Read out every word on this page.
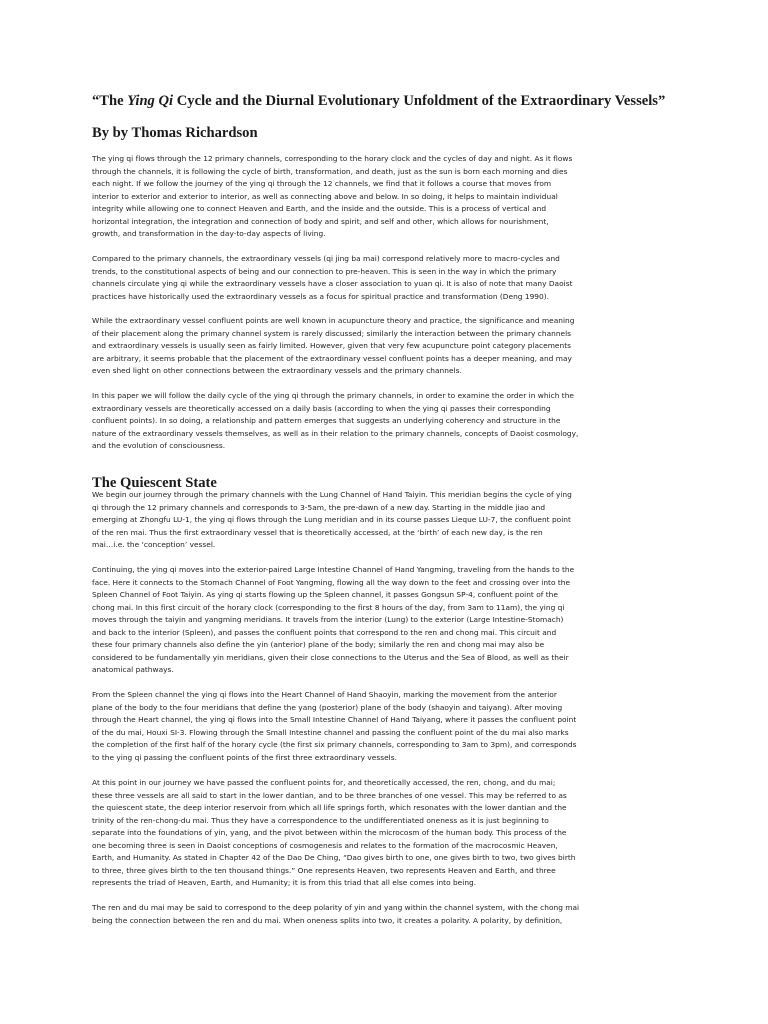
“The Ying Qi Cycle and the Diurnal Evolutionary Unfoldment of the Extraordinary Vessels”
By by Thomas Richardson
The ying qi flows through the 12 primary channels, corresponding to the horary clock and the cycles of day and night. As it flows
through the channels, it is following the cycle of birth, transformation, and death, just as the sun is born each morning and dies
each night. If we follow the journey of the ying qi through the 12 channels, we find that it follows a course that moves from
interior to exterior and exterior to interior, as well as connecting above and below. In so doing, it helps to maintain individual
integrity while allowing one to connect Heaven and Earth, and the inside and the outside. This is a process of vertical and
horizontal integration, the integration and connection of body and spirit, and self and other, which allows for nourishment,
growth, and transformation in the day-to-day aspects of living.
Compared to the primary channels, the extraordinary vessels (qi jing ba mai) correspond relatively more to macro-cycles and
trends, to the constitutional aspects of being and our connection to pre-heaven. This is seen in the way in which the primary
channels circulate ying qi while the extraordinary vessels have a closer association to yuan qi. It is also of note that many Daoist
practices have historically used the extraordinary vessels as a focus for spiritual practice and transformation (Deng 1990).
While the extraordinary vessel confluent points are well known in acupuncture theory and practice, the significance and meaning
of their placement along the primary channel system is rarely discussed; similarly the interaction between the primary channels
and extraordinary vessels is usually seen as fairly limited. However, given that very few acupuncture point category placements
are arbitrary, it seems probable that the placement of the extraordinary vessel confluent points has a deeper meaning, and may
even shed light on other connections between the extraordinary vessels and the primary channels.
In this paper we will follow the daily cycle of the ying qi through the primary channels, in order to examine the order in which the
extraordinary vessels are theoretically accessed on a daily basis (according to when the ying qi passes their corresponding
confluent points). In so doing, a relationship and pattern emerges that suggests an underlying coherency and structure in the
nature of the extraordinary vessels themselves, as well as in their relation to the primary channels, concepts of Daoist cosmology,
and the evolution of consciousness.
The Quiescent State
We begin our journey through the primary channels with the Lung Channel of Hand Taiyin. This meridian begins the cycle of ying
qi through the 12 primary channels and corresponds to 3-5am, the pre-dawn of a new day. Starting in the middle jiao and
emerging at Zhongfu LU-1, the ying qi flows through the Lung meridian and in its course passes Lieque LU-7, the confluent point
of the ren mai. Thus the first extraordinary vessel that is theoretically accessed, at the ‘birth’ of each new day, is the ren
mai…i.e. the ‘conception’ vessel.
Continuing, the ying qi moves into the exterior-paired Large Intestine Channel of Hand Yangming, traveling from the hands to the
face. Here it connects to the Stomach Channel of Foot Yangming, flowing all the way down to the feet and crossing over into the
Spleen Channel of Foot Taiyin. As ying qi starts flowing up the Spleen channel, it passes Gongsun SP-4, confluent point of the
chong mai. In this first circuit of the horary clock (corresponding to the first 8 hours of the day, from 3am to 11am), the ying qi
moves through the taiyin and yangming meridians. It travels from the interior (Lung) to the exterior (Large Intestine-Stomach)
and back to the interior (Spleen), and passes the confluent points that correspond to the ren and chong mai. This circuit and
these four primary channels also define the yin (anterior) plane of the body; similarly the ren and chong mai may also be
considered to be fundamentally yin meridians, given their close connections to the Uterus and the Sea of Blood, as well as their
anatomical pathways.
From the Spleen channel the ying qi flows into the Heart Channel of Hand Shaoyin, marking the movement from the anterior
plane of the body to the four meridians that define the yang (posterior) plane of the body (shaoyin and taiyang). After moving
through the Heart channel, the ying qi flows into the Small Intestine Channel of Hand Taiyang, where it passes the confluent point
of the du mai, Houxi SI-3. Flowing through the Small Intestine channel and passing the confluent point of the du mai also marks
the completion of the first half of the horary cycle (the first six primary channels, corresponding to 3am to 3pm), and corresponds
to the ying qi passing the confluent points of the first three extraordinary vessels.
At this point in our journey we have passed the confluent points for, and theoretically accessed, the ren, chong, and du mai;
these three vessels are all said to start in the lower dantian, and to be three branches of one vessel. This may be referred to as
the quiescent state, the deep interior reservoir from which all life springs forth, which resonates with the lower dantian and the
trinity of the ren-chong-du mai. Thus they have a correspondence to the undifferentiated oneness as it is just beginning to
separate into the foundations of yin, yang, and the pivot between within the microcosm of the human body. This process of the
one becoming three is seen in Daoist conceptions of cosmogenesis and relates to the formation of the macrocosmic Heaven,
Earth, and Humanity. As stated in Chapter 42 of the Dao De Ching, “Dao gives birth to one, one gives birth to two, two gives birth
to three, three gives birth to the ten thousand things.” One represents Heaven, two represents Heaven and Earth, and three
represents the triad of Heaven, Earth, and Humanity; it is from this triad that all else comes into being.
The ren and du mai may be said to correspond to the deep polarity of yin and yang within the channel system, with the chong mai
being the connection between the ren and du mai. When oneness splits into two, it creates a polarity. A polarity, by definition,
